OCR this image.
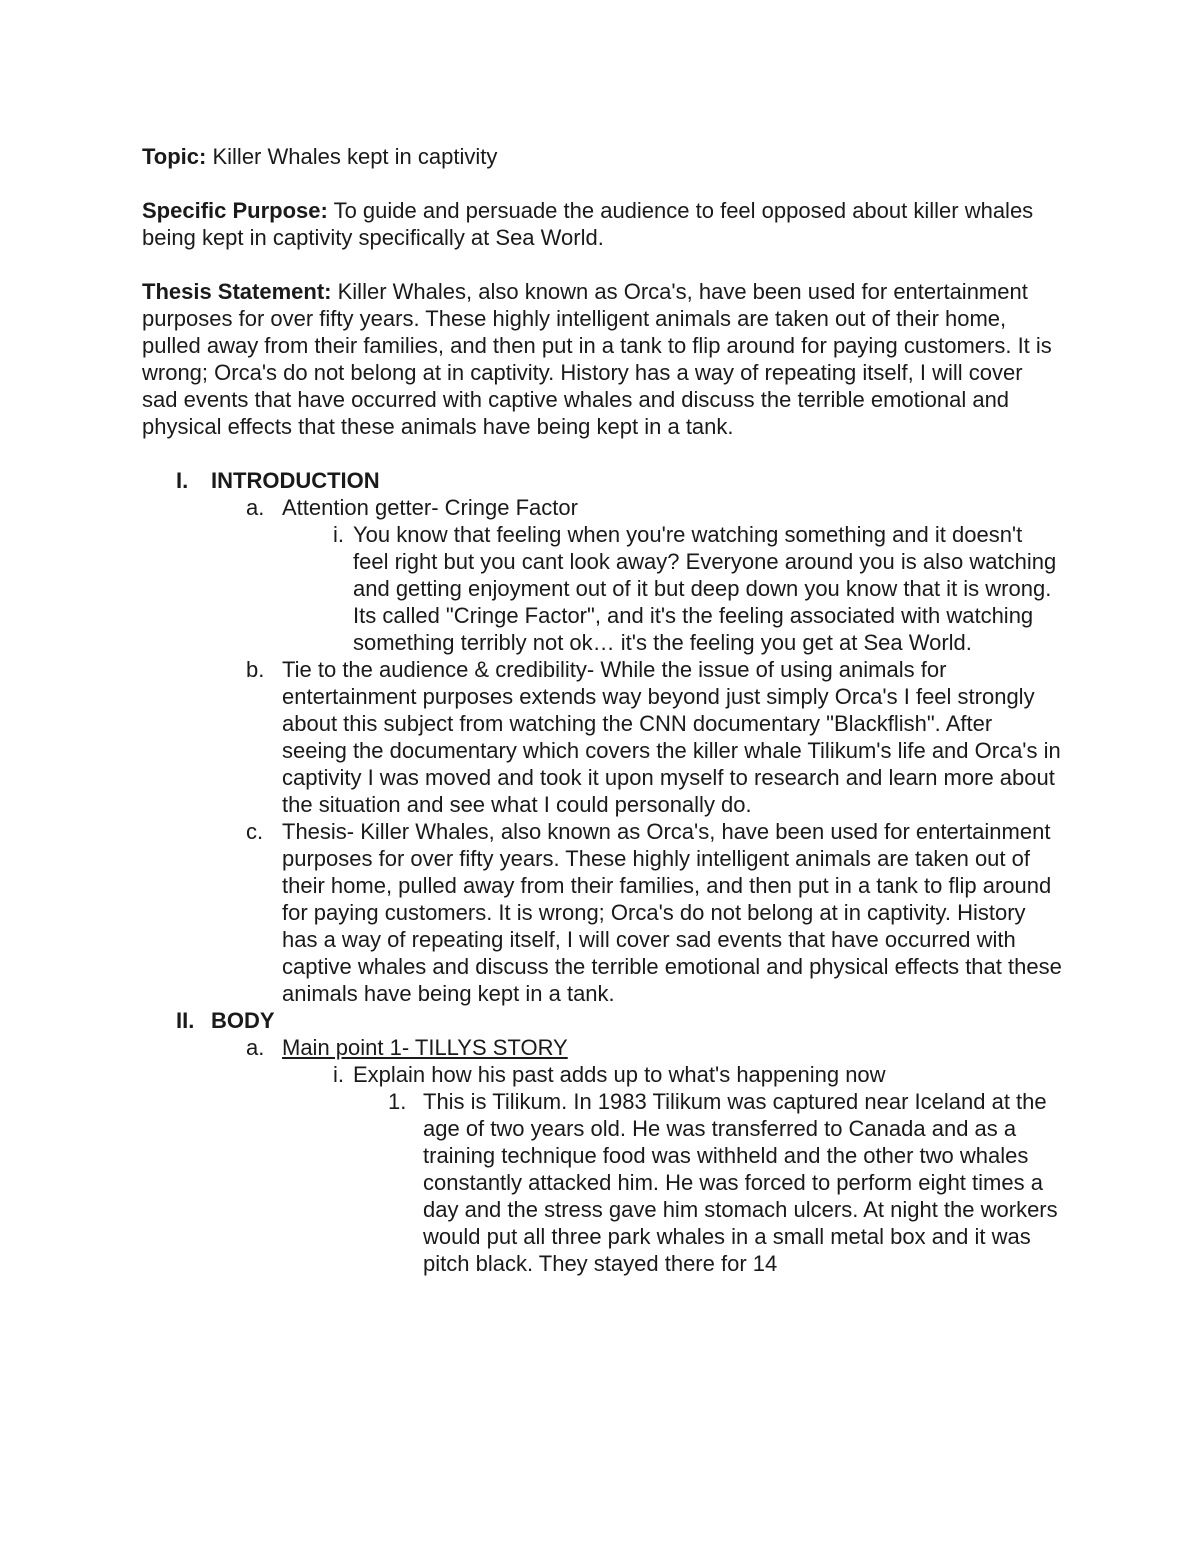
Topic: Killer Whales kept in captivity

Specific Purpose: To guide and persuade the audience to feel opposed about killer whales being kept in captivity specifically at Sea World.

Thesis Statement: Killer Whales, also known as Orca's, have been used for entertainment purposes for over fifty years. These highly intelligent animals are taken out of their home, pulled away from their families, and then put in a tank to flip around for paying customers. It is wrong; Orca's do not belong at in captivity. History has a way of repeating itself, I will cover sad events that have occurred with captive whales and discuss the terrible emotional and physical effects that these animals have being kept in a tank.

I.	INTRODUCTION
a. Attention getter- Cringe Factor
i. You know that feeling when you're watching something and it doesn't feel right but you cant look away? Everyone around you is also watching and getting enjoyment out of it but deep down you know that it is wrong. Its called "Cringe Factor", and it's the feeling associated with watching something terribly not ok… it's the feeling you get at Sea World.
b. Tie to the audience & credibility- While the issue of using animals for entertainment purposes extends way beyond just simply Orca's I feel strongly about this subject from watching the CNN documentary "Blackflish". After seeing the documentary which covers the killer whale Tilikum's life and Orca's in captivity I was moved and took it upon myself to research and learn more about the situation and see what I could personally do.
c. Thesis- Killer Whales, also known as Orca's, have been used for entertainment purposes for over fifty years. These highly intelligent animals are taken out of their home, pulled away from their families, and then put in a tank to flip around for paying customers. It is wrong; Orca's do not belong at in captivity. History has a way of repeating itself, I will cover sad events that have occurred with captive whales and discuss the terrible emotional and physical effects that these animals have being kept in a tank.
II. BODY
a. Main point 1- TILLYS STORY
i. Explain how his past adds up to what's happening now
1. This is Tilikum. In 1983 Tilikum was captured near Iceland at the age of two years old. He was transferred to Canada and as a training technique food was withheld and the other two whales constantly attacked him. He was forced to perform eight times a day and the stress gave him stomach ulcers. At night the workers would put all three park whales in a small metal box and it was pitch black. They stayed there for 14
